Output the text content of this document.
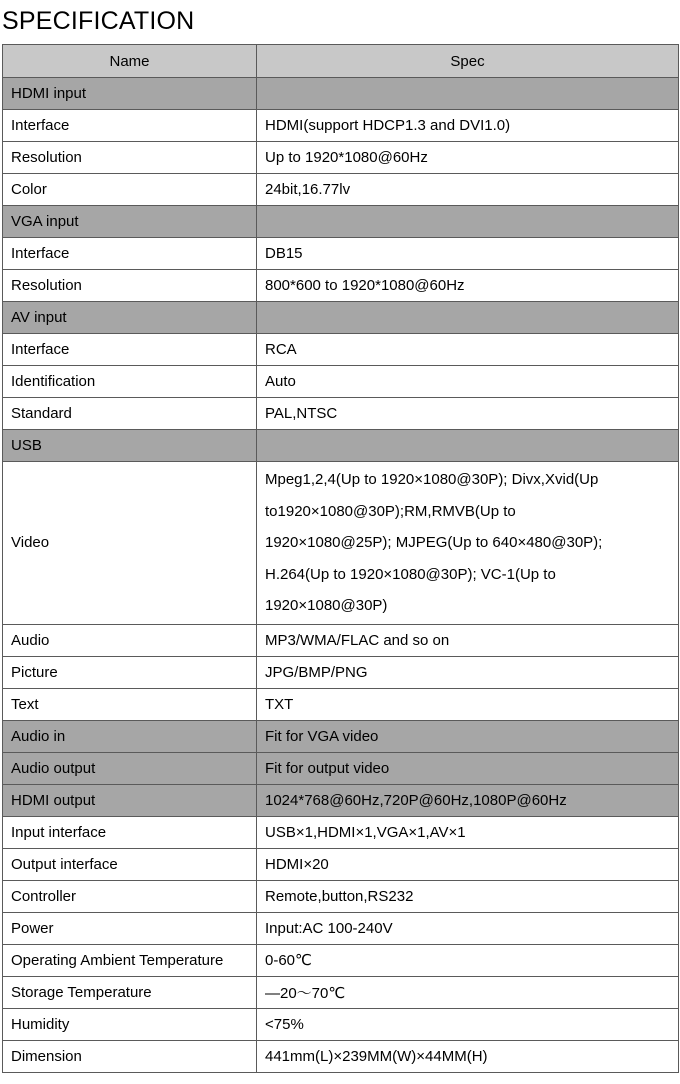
SPECIFICATION
Name	Spec
HDMI input	
Interface	HDMI(support HDCP1.3 and DVI1.0)
Resolution	Up to 1920*1080@60Hz
Color	24bit,16.77lv
VGA input	
Interface	DB15
Resolution	800*600 to 1920*1080@60Hz
AV input	
Interface	RCA
Identification	Auto
Standard	PAL,NTSC
USB	
Video	Mpeg1,2,4(Up to 1920×1080@30P); Divx,Xvid(Up
to1920×1080@30P);RM,RMVB(Up to
1920×1080@25P); MJPEG(Up to 640×480@30P);
H.264(Up to 1920×1080@30P); VC-1(Up to
1920×1080@30P)
Audio	MP3/WMA/FLAC and so on
Picture	JPG/BMP/PNG
Text	TXT
Audio in	Fit for VGA video
Audio output	Fit for output video
HDMI output	1024*768@60Hz,720P@60Hz,1080P@60Hz
Input interface	USB×1,HDMI×1,VGA×1,AV×1
Output interface	HDMI×20
Controller	Remote,button,RS232
Power	Input:AC 100-240V
Operating Ambient Temperature	0-60℃
Storage Temperature	—20～70℃
Humidity	<75%
Dimension	441mm(L)×239MM(W)×44MM(H)
